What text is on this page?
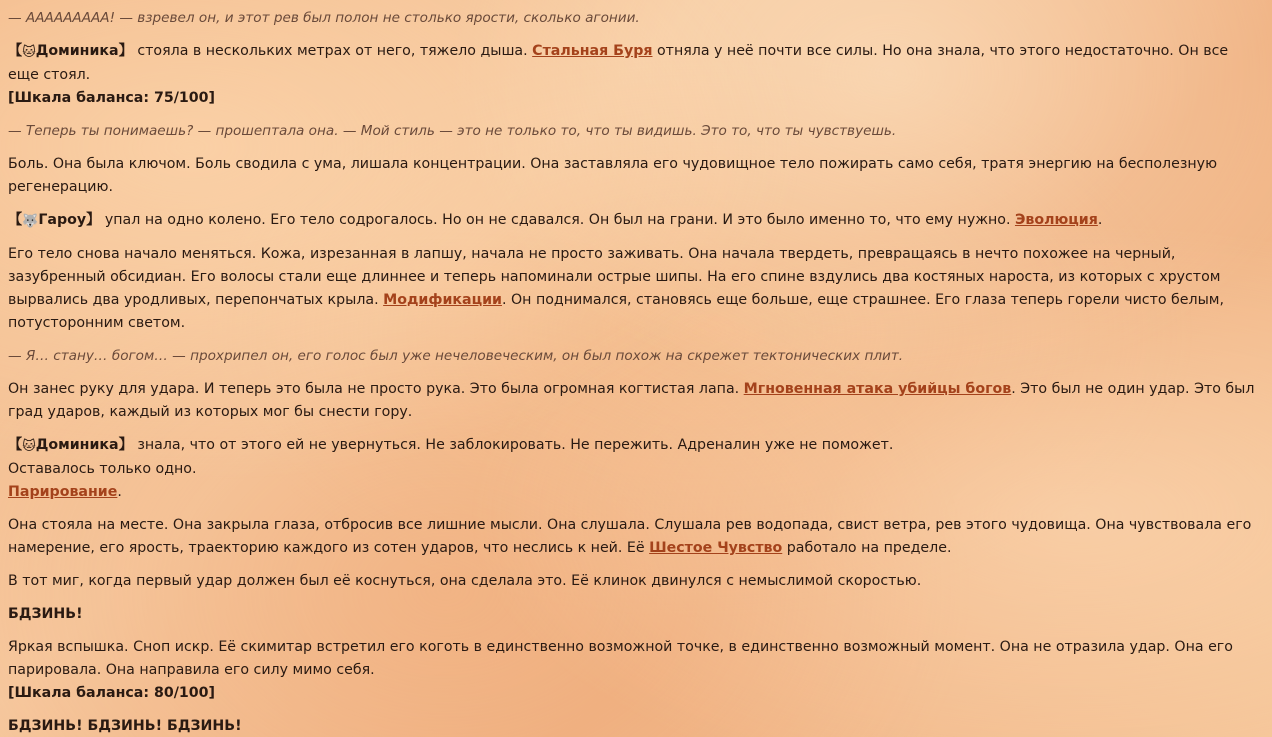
— ААААААААА! — взревел он, и этот рев был полон не столько ярости, сколько агонии.

【🐱Доминика】 стояла в нескольких метрах от него, тяжело дыша. Стальная Буря отняла у неё почти все силы. Но она знала, что этого недостаточно. Он все еще стоял.

[Шкала баланса: 75/100]

— Теперь ты понимаешь? — прошептала она. — Мой стиль — это не только то, что ты видишь. Это то, что ты чувствуешь.

Боль. Она была ключом. Боль сводила с ума, лишала концентрации. Она заставляла его чудовищное тело пожирать само себя, тратя энергию на бесполезную регенерацию.

【🐺Гароу】 упал на одно колено. Его тело содрогалось. Но он не сдавался. Он был на грани. И это было именно то, что ему нужно. Эволюция.

Его тело снова начало меняться. Кожа, изрезанная в лапшу, начала не просто заживать. Она начала твердеть, превращаясь в нечто похожее на черный, зазубренный обсидиан. Его волосы стали еще длиннее и теперь напоминали острые шипы. На его спине вздулись два костяных нароста, из которых с хрустом вырвались два уродливых, перепончатых крыла. Модификации. Он поднимался, становясь еще больше, еще страшнее. Его глаза теперь горели чисто белым, потусторонним светом.

— Я… стану… богом… — прохрипел он, его голос был уже нечеловеческим, он был похож на скрежет тектонических плит.

Он занес руку для удара. И теперь это была не просто рука. Это была огромная когтистая лапа. Мгновенная атака убийцы богов. Это был не один удар. Это был град ударов, каждый из которых мог бы снести гору.

【🐱Доминика】 знала, что от этого ей не увернуться. Не заблокировать. Не пережить. Адреналин уже не поможет.
Оставалось только одно.
Парирование.

Она стояла на месте. Она закрыла глаза, отбросив все лишние мысли. Она слушала. Слушала рев водопада, свист ветра, рев этого чудовища. Она чувствовала его намерение, его ярость, траекторию каждого из сотен ударов, что неслись к ней. Её Шестое Чувство работало на пределе.

В тот миг, когда первый удар должен был её коснуться, она сделала это. Её клинок двинулся с немыслимой скоростью.

БДЗИНЬ!

Яркая вспышка. Сноп искр. Её скимитар встретил его коготь в единственно возможной точке, в единственно возможный момент. Она не отразила удар. Она его парировала. Она направила его силу мимо себя.

[Шкала баланса: 80/100]

БДЗИНЬ! БДЗИНЬ! БДЗИНЬ!
